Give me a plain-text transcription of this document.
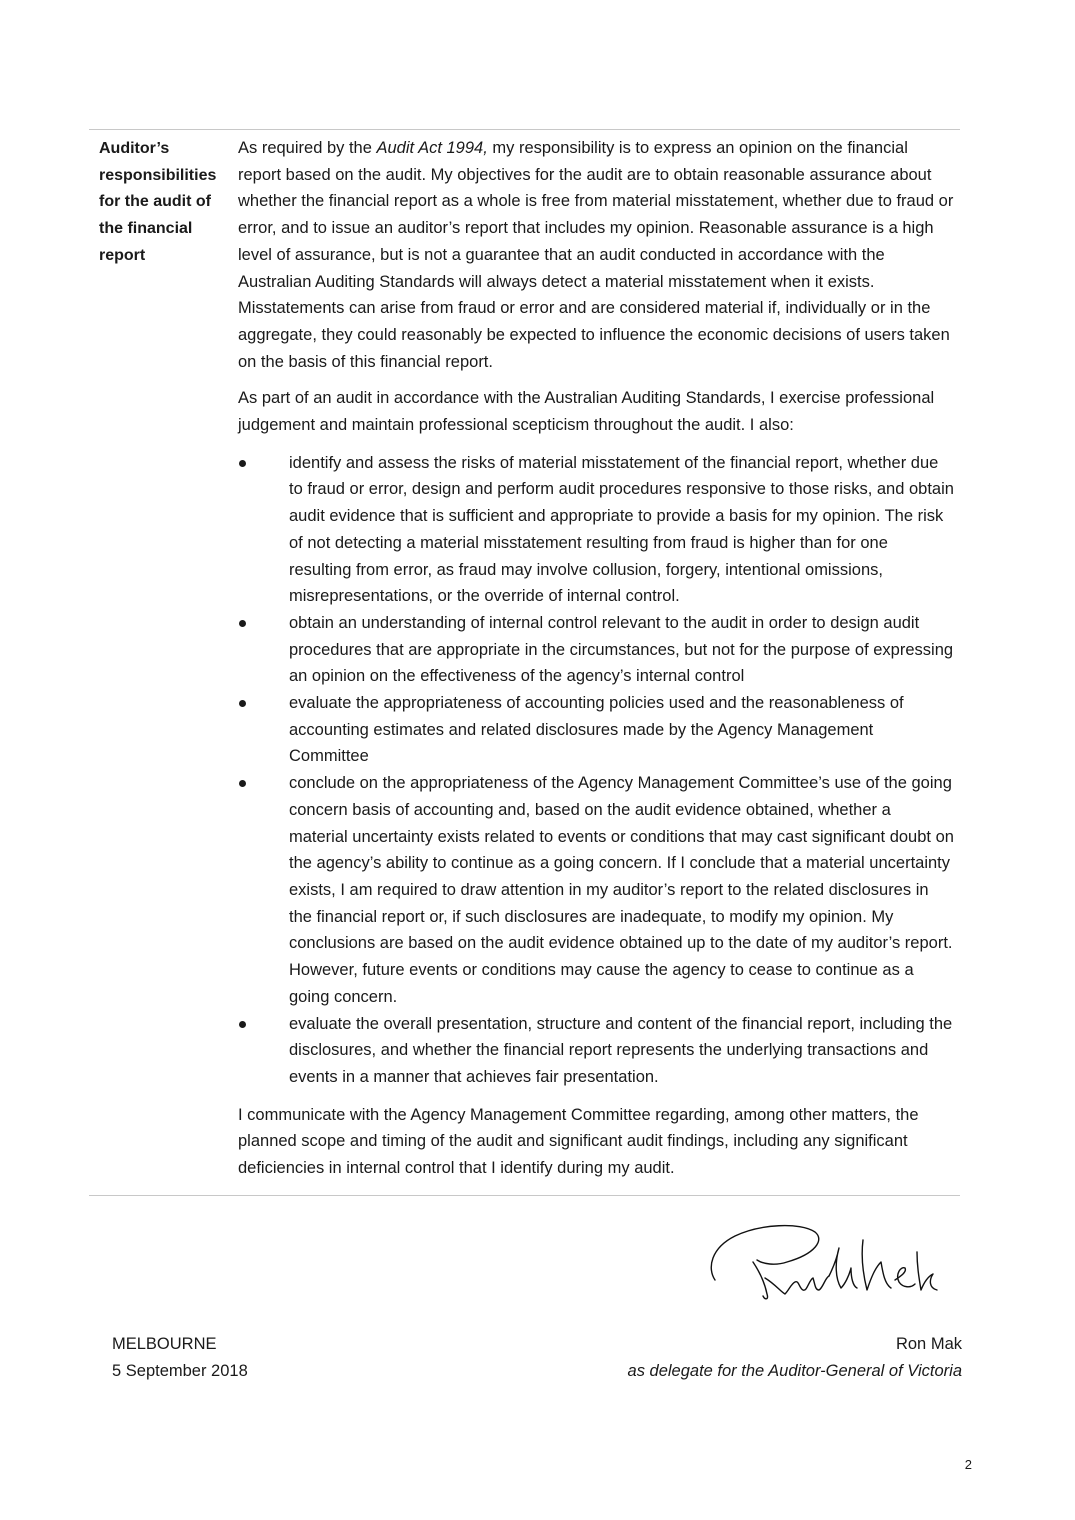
Auditor’s responsibilities for the audit of the financial report

As required by the Audit Act 1994, my responsibility is to express an opinion on the financial report based on the audit. My objectives for the audit are to obtain reasonable assurance about whether the financial report as a whole is free from material misstatement, whether due to fraud or error, and to issue an auditor’s report that includes my opinion. Reasonable assurance is a high level of assurance, but is not a guarantee that an audit conducted in accordance with the Australian Auditing Standards will always detect a material misstatement when it exists. Misstatements can arise from fraud or error and are considered material if, individually or in the aggregate, they could reasonably be expected to influence the economic decisions of users taken on the basis of this financial report.

As part of an audit in accordance with the Australian Auditing Standards, I exercise professional judgement and maintain professional scepticism throughout the audit. I also:

identify and assess the risks of material misstatement of the financial report, whether due to fraud or error, design and perform audit procedures responsive to those risks, and obtain audit evidence that is sufficient and appropriate to provide a basis for my opinion. The risk of not detecting a material misstatement resulting from fraud is higher than for one resulting from error, as fraud may involve collusion, forgery, intentional omissions, misrepresentations, or the override of internal control.
obtain an understanding of internal control relevant to the audit in order to design audit procedures that are appropriate in the circumstances, but not for the purpose of expressing an opinion on the effectiveness of the agency’s internal control
evaluate the appropriateness of accounting policies used and the reasonableness of accounting estimates and related disclosures made by the Agency Management Committee
conclude on the appropriateness of the Agency Management Committee’s use of the going concern basis of accounting and, based on the audit evidence obtained, whether a material uncertainty exists related to events or conditions that may cast significant doubt on the agency’s ability to continue as a going concern. If I conclude that a material uncertainty exists, I am required to draw attention in my auditor’s report to the related disclosures in the financial report or, if such disclosures are inadequate, to modify my opinion. My conclusions are based on the audit evidence obtained up to the date of my auditor’s report. However, future events or conditions may cause the agency to cease to continue as a going concern.
evaluate the overall presentation, structure and content of the financial report, including the disclosures, and whether the financial report represents the underlying transactions and events in a manner that achieves fair presentation.

I communicate with the Agency Management Committee regarding, among other matters, the planned scope and timing of the audit and significant audit findings, including any significant deficiencies in internal control that I identify during my audit.

MELBOURNE
5 September 2018
Ron Mak
as delegate for the Auditor-General of Victoria
2
